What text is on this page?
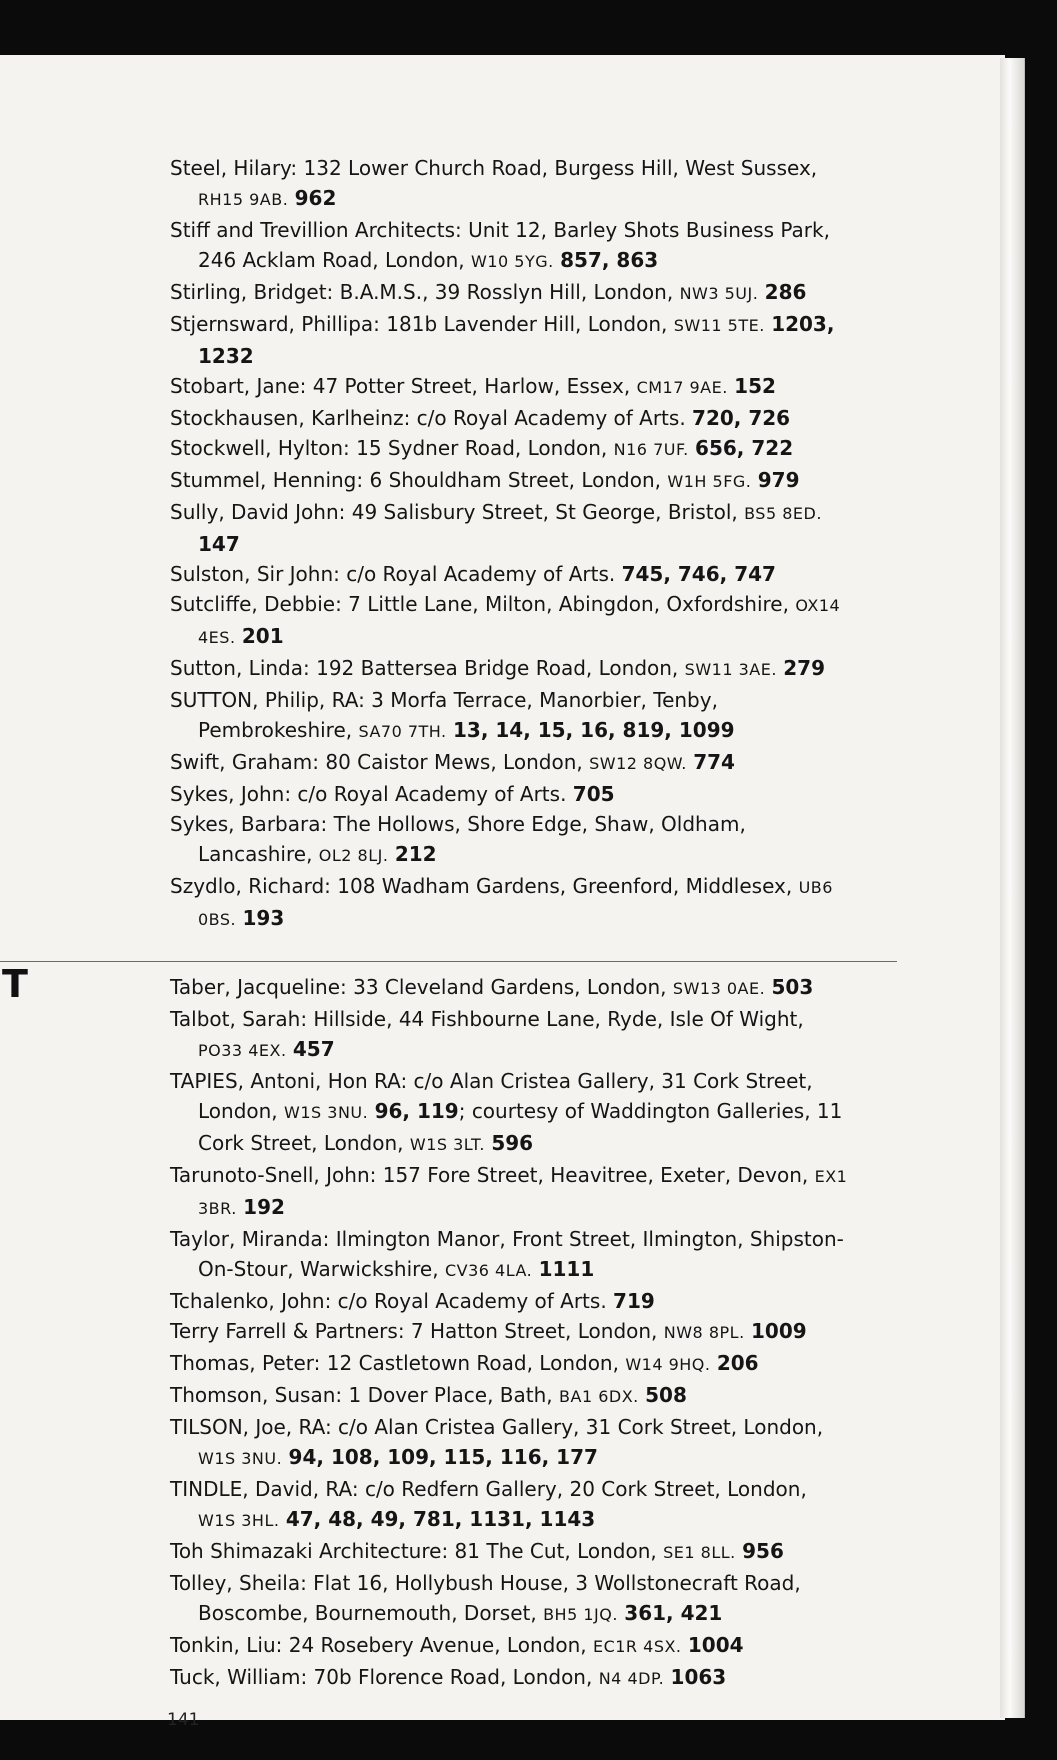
Steel, Hilary: 132 Lower Church Road, Burgess Hill, West Sussex, RH15 9AB. 962
Stiff and Trevillion Architects: Unit 12, Barley Shots Business Park, 246 Acklam Road, London, W10 5YG. 857, 863
Stirling, Bridget: B.A.M.S., 39 Rosslyn Hill, London, NW3 5UJ. 286
Stjernsward, Phillipa: 181b Lavender Hill, London, SW11 5TE. 1203, 1232
Stobart, Jane: 47 Potter Street, Harlow, Essex, CM17 9AE. 152
Stockhausen, Karlheinz: c/o Royal Academy of Arts. 720, 726
Stockwell, Hylton: 15 Sydner Road, London, N16 7UF. 656, 722
Stummel, Henning: 6 Shouldham Street, London, W1H 5FG. 979
Sully, David John: 49 Salisbury Street, St George, Bristol, BS5 8ED. 147
Sulston, Sir John: c/o Royal Academy of Arts. 745, 746, 747
Sutcliffe, Debbie: 7 Little Lane, Milton, Abingdon, Oxfordshire, OX14 4ES. 201
Sutton, Linda: 192 Battersea Bridge Road, London, SW11 3AE. 279
SUTTON, Philip, RA: 3 Morfa Terrace, Manorbier, Tenby, Pembrokeshire, SA70 7TH. 13, 14, 15, 16, 819, 1099
Swift, Graham: 80 Caistor Mews, London, SW12 8QW. 774
Sykes, John: c/o Royal Academy of Arts. 705
Sykes, Barbara: The Hollows, Shore Edge, Shaw, Oldham, Lancashire, OL2 8LJ. 212
Szydlo, Richard: 108 Wadham Gardens, Greenford, Middlesex, UB6 0BS. 193
T	Taber, Jacqueline: 33 Cleveland Gardens, London, SW13 0AE. 503
Talbot, Sarah: Hillside, 44 Fishbourne Lane, Ryde, Isle Of Wight, PO33 4EX. 457
TAPIES, Antoni, Hon RA: c/o Alan Cristea Gallery, 31 Cork Street, London, W1S 3NU. 96, 119; courtesy of Waddington Galleries, 11 Cork Street, London, W1S 3LT. 596
Tarunoto-Snell, John: 157 Fore Street, Heavitree, Exeter, Devon, EX1 3BR. 192
Taylor, Miranda: Ilmington Manor, Front Street, Ilmington, Shipston-On-Stour, Warwickshire, CV36 4LA. 1111
Tchalenko, John: c/o Royal Academy of Arts. 719
Terry Farrell & Partners: 7 Hatton Street, London, NW8 8PL. 1009
Thomas, Peter: 12 Castletown Road, London, W14 9HQ. 206
Thomson, Susan: 1 Dover Place, Bath, BA1 6DX. 508
TILSON, Joe, RA: c/o Alan Cristea Gallery, 31 Cork Street, London, W1S 3NU. 94, 108, 109, 115, 116, 177
TINDLE, David, RA: c/o Redfern Gallery, 20 Cork Street, London, W1S 3HL. 47, 48, 49, 781, 1131, 1143
Toh Shimazaki Architecture: 81 The Cut, London, SE1 8LL. 956
Tolley, Sheila: Flat 16, Hollybush House, 3 Wollstonecraft Road, Boscombe, Bournemouth, Dorset, BH5 1JQ. 361, 421
Tonkin, Liu: 24 Rosebery Avenue, London, EC1R 4SX. 1004
Tuck, William: 70b Florence Road, London, N4 4DP. 1063
141
